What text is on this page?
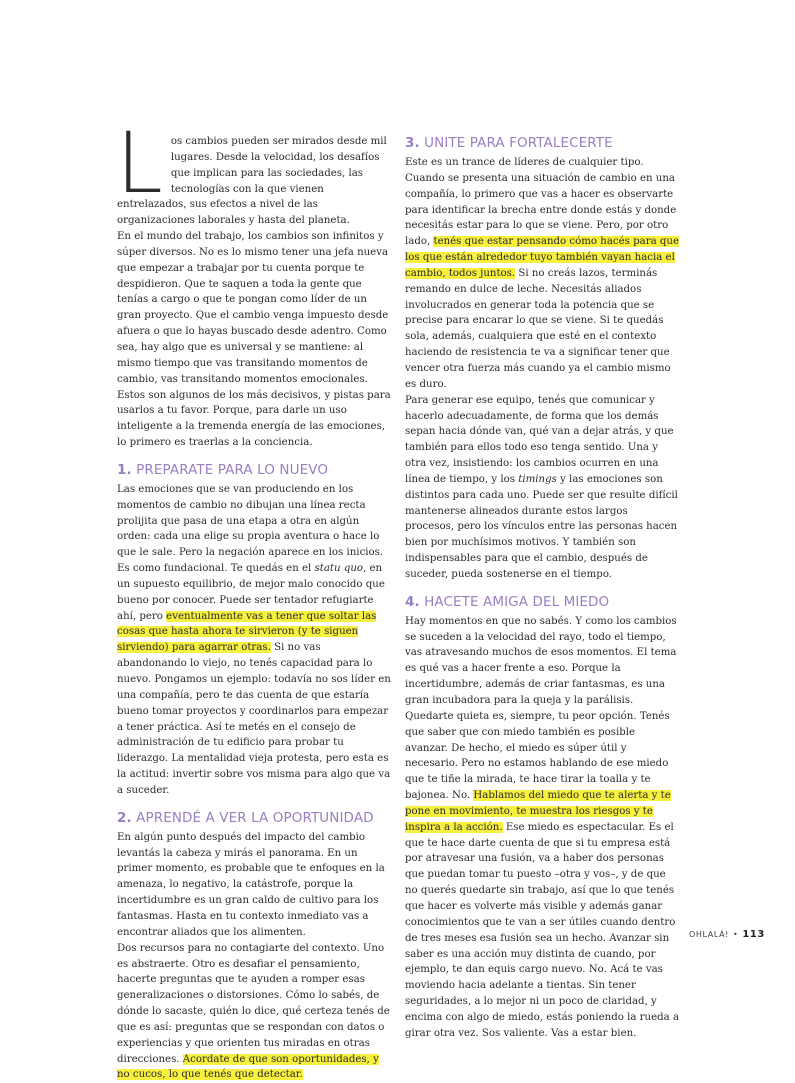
L os cambios pueden ser mirados desde mil lugares. Desde la velocidad, los desafíos que implican para las sociedades, las tecnologías con la que vienen entrelazados, sus efectos a nivel de las organizaciones laborales y hasta del planeta.

En el mundo del trabajo, los cambios son infinitos y súper diversos. No es lo mismo tener una jefa nueva que empezar a trabajar por tu cuenta porque te despidieron. Que te saquen a toda la gente que tenías a cargo o que te pongan como líder de un gran proyecto. Que el cambio venga impuesto desde afuera o que lo hayas buscado desde adentro. Como sea, hay algo que es universal y se mantiene: al mismo tiempo que vas transitando momentos de cambio, vas transitando momentos emocionales. Estos son algunos de los más decisivos, y pistas para usarlos a tu favor. Porque, para darle un uso inteligente a la tremenda energía de las emociones, lo primero es traerlas a la conciencia.

1. PREPARATE PARA LO NUEVO

Las emociones que se van produciendo en los momentos de cambio no dibujan una línea recta prolijita que pasa de una etapa a otra en algún orden: cada una elige su propia aventura o hace lo que le sale. Pero la negación aparece en los inicios. Es como fundacional. Te quedás en el statu quo, en un supuesto equilibrio, de mejor malo conocido que bueno por conocer. Puede ser tentador refugiarte ahí, pero eventualmente vas a tener que soltar las cosas que hasta ahora te sirvieron (y te siguen sirviendo) para agarrar otras. Si no vas abandonando lo viejo, no tenés capacidad para lo nuevo. Pongamos un ejemplo: todavía no sos líder en una compañía, pero te das cuenta de que estaría bueno tomar proyectos y coordinarlos para empezar a tener práctica. Así te metés en el consejo de administración de tu edificio para probar tu liderazgo. La mentalidad vieja protesta, pero esta es la actitud: invertir sobre vos misma para algo que va a suceder.

2. APRENDÉ A VER LA OPORTUNIDAD

En algún punto después del impacto del cambio levantás la cabeza y mirás el panorama. En un primer momento, es probable que te enfoques en la amenaza, lo negativo, la catástrofe, porque la incertidumbre es un gran caldo de cultivo para los fantasmas. Hasta en tu contexto inmediato vas a encontrar aliados que los alimenten.

Dos recursos para no contagiarte del contexto. Uno es abstraerte. Otro es desafiar el pensamiento, hacerte preguntas que te ayuden a romper esas generalizaciones o distorsiones. Cómo lo sabés, de dónde lo sacaste, quién lo dice, qué certeza tenés de que es así: preguntas que se respondan con datos o experiencias y que orienten tus miradas en otras direcciones. Acordate de que son oportunidades, y no cucos, lo que tenés que detectar.

3. UNITE PARA FORTALECERTE

Este es un trance de líderes de cualquier tipo. Cuando se presenta una situación de cambio en una compañía, lo primero que vas a hacer es observarte para identificar la brecha entre donde estás y donde necesitás estar para lo que se viene. Pero, por otro lado, tenés que estar pensando cómo hacés para que los que están alrededor tuyo también vayan hacia el cambio, todos juntos. Si no creás lazos, terminás remando en dulce de leche. Necesitás aliados involucrados en generar toda la potencia que se precise para encarar lo que se viene. Si te quedás sola, además, cualquiera que esté en el contexto haciendo de resistencia te va a significar tener que vencer otra fuerza más cuando ya el cambio mismo es duro.

Para generar ese equipo, tenés que comunicar y hacerlo adecuadamente, de forma que los demás sepan hacia dónde van, qué van a dejar atrás, y que también para ellos todo eso tenga sentido. Una y otra vez, insistiendo: los cambios ocurren en una línea de tiempo, y los timings y las emociones son distintos para cada uno. Puede ser que resulte difícil mantenerse alineados durante estos largos procesos, pero los vínculos entre las personas hacen bien por muchísimos motivos. Y también son indispensables para que el cambio, después de suceder, pueda sostenerse en el tiempo.

4. HACETE AMIGA DEL MIEDO

Hay momentos en que no sabés. Y como los cambios se suceden a la velocidad del rayo, todo el tiempo, vas atravesando muchos de esos momentos. El tema es qué vas a hacer frente a eso. Porque la incertidumbre, además de criar fantasmas, es una gran incubadora para la queja y la parálisis. Quedarte quieta es, siempre, tu peor opción. Tenés que saber que con miedo también es posible avanzar. De hecho, el miedo es súper útil y necesario. Pero no estamos hablando de ese miedo que te tiñe la mirada, te hace tirar la toalla y te bajonea. No. Hablamos del miedo que te alerta y te pone en movimiento, te muestra los riesgos y te inspira a la acción. Ese miedo es espectacular. Es el que te hace darte cuenta de que si tu empresa está por atravesar una fusión, va a haber dos personas que puedan tomar tu puesto –otra y vos–, y de que no querés quedarte sin trabajo, así que lo que tenés que hacer es volverte más visible y además ganar conocimientos que te van a ser útiles cuando dentro de tres meses esa fusión sea un hecho. Avanzar sin saber es una acción muy distinta de cuando, por ejemplo, te dan equis cargo nuevo. No. Acá te vas moviendo hacia adelante a tientas. Sin tener seguridades, a lo mejor ni un poco de claridad, y encima con algo de miedo, estás poniendo la rueda a girar otra vez. Sos valiente. Vas a estar bien.

OHLALÁ! • 113
